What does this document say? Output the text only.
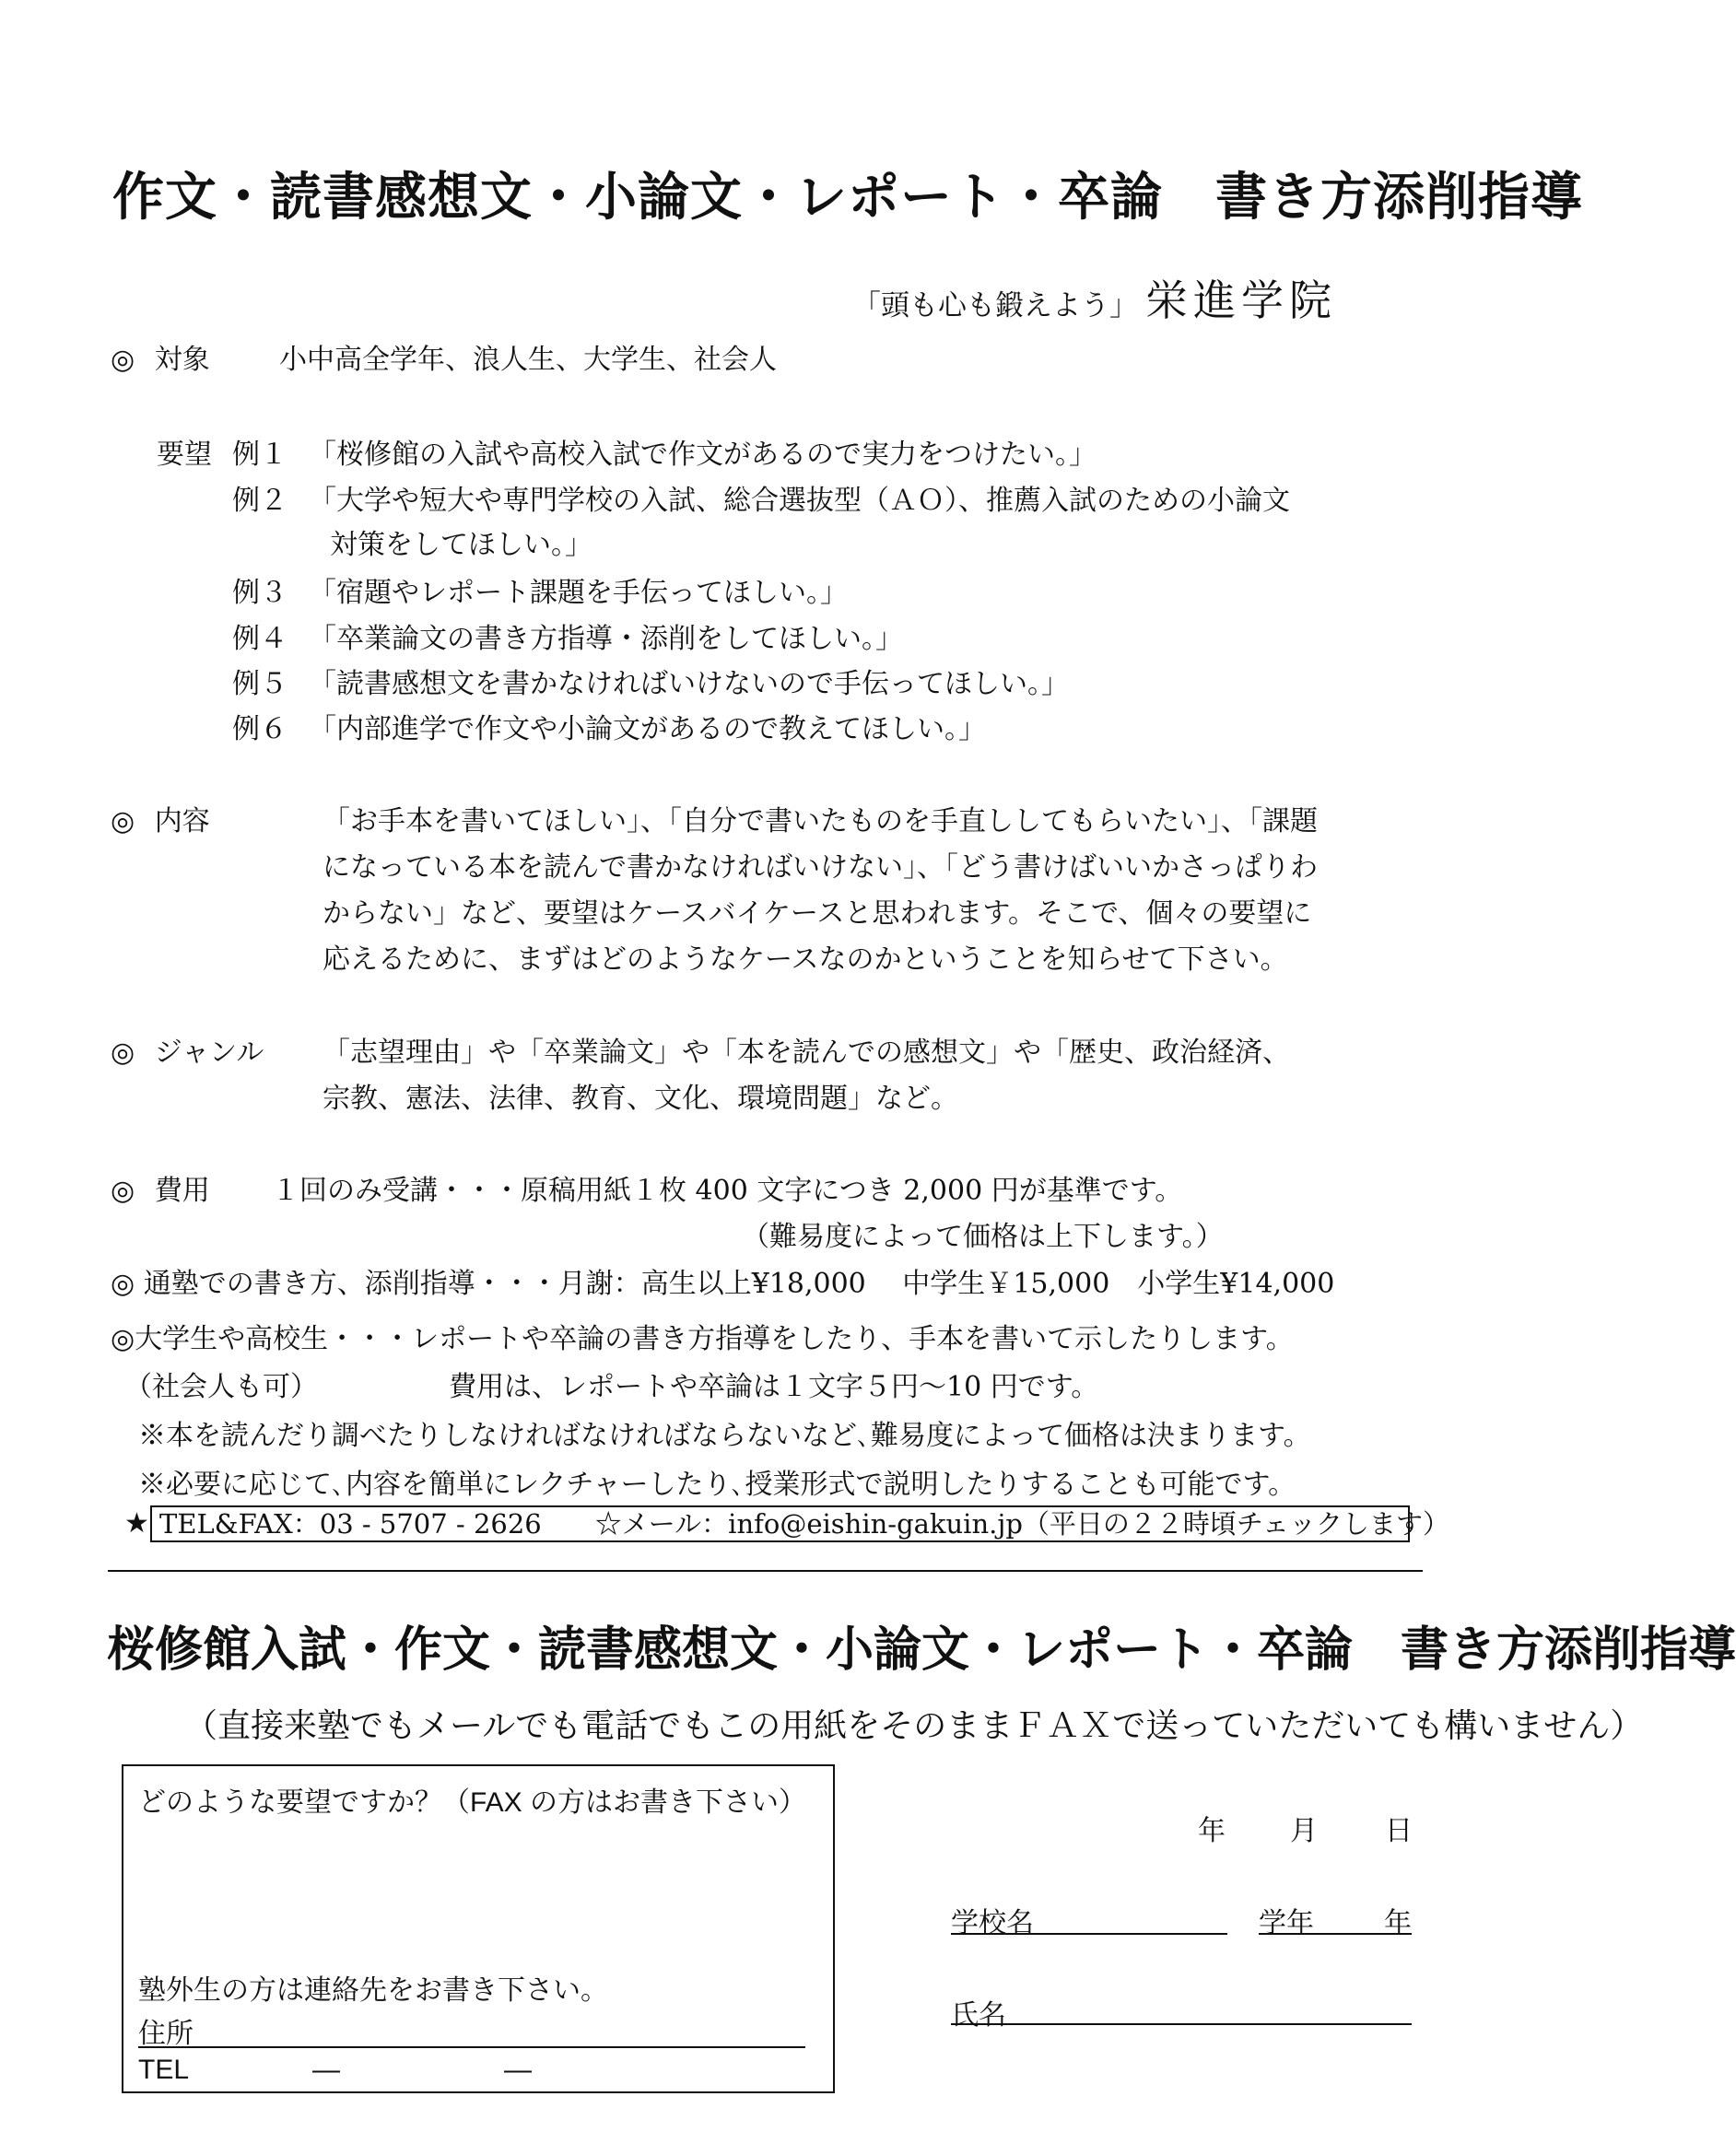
作文・読書感想文・小論文・レポート・卒論　書き方添削指導
「頭も心も鍛えよう」 栄進学院
◎ 対象	小中高全学年、浪人生、大学生、社会人
要望 例１ 「桜修館の入試や高校入試で作文があるので実力をつけたい。」
例２ 「大学や短大や専門学校の入試、総合選抜型（ＡＯ）、推薦入試のための小論文
対策をしてほしい。」
例３ 「宿題やレポート課題を手伝ってほしい。」
例４ 「卒業論文の書き方指導・添削をしてほしい。」
例５ 「読書感想文を書かなければいけないので手伝ってほしい。」
例６ 「内部進学で作文や小論文があるので教えてほしい。」
◎ 内容	「お手本を書いてほしい」、「自分で書いたものを手直ししてもらいたい」、「課題
になっている本を読んで書かなければいけない」、「どう書けばいいかさっぱりわ
からない」など、要望はケースバイケースと思われます。そこで、個々の要望に
応えるために、まずはどのようなケースなのかということを知らせて下さい。
◎ ジャンル 「志望理由」や「卒業論文」や「本を読んでの感想文」や「歴史、政治経済、
宗教、憲法、法律、教育、文化、環境問題」など。
◎ 費用 １回のみ受講・・・原稿用紙１枚 400 文字につき 2,000 円が基準です。
（難易度によって価格は上下します。）
◎ 通塾での書き方、添削指導・・・月謝：高生以上¥18,000　 中学生￥15,000　小学生¥14,000
◎大学生や高校生・・・レポートや卒論の書き方指導をしたり、手本を書いて示したりします。
（社会人も可）	費用は、レポートや卒論は１文字５円～10 円です。
※本を読んだり調べたりしなければなければならないなど､難易度によって価格は決まります。
※必要に応じて､内容を簡単にレクチャーしたり､授業形式で説明したりすることも可能です。
★ TEL&FAX：03 - 5707 - 2626　　☆メール：info@eishin-gakuin.jp（平日の２２時頃チェックします）
桜修館入試・作文・読書感想文・小論文・レポート・卒論　書き方添削指導
（直接来塾でもメールでも電話でもこの用紙をそのままＦＡＸで送っていただいても構いません）
どのような要望ですか？（FAX の方はお書き下さい）
塾外生の方は連絡先をお書き下さい。
住所
TEL	―	―
年 月 日
学校名	学年	年
氏名
